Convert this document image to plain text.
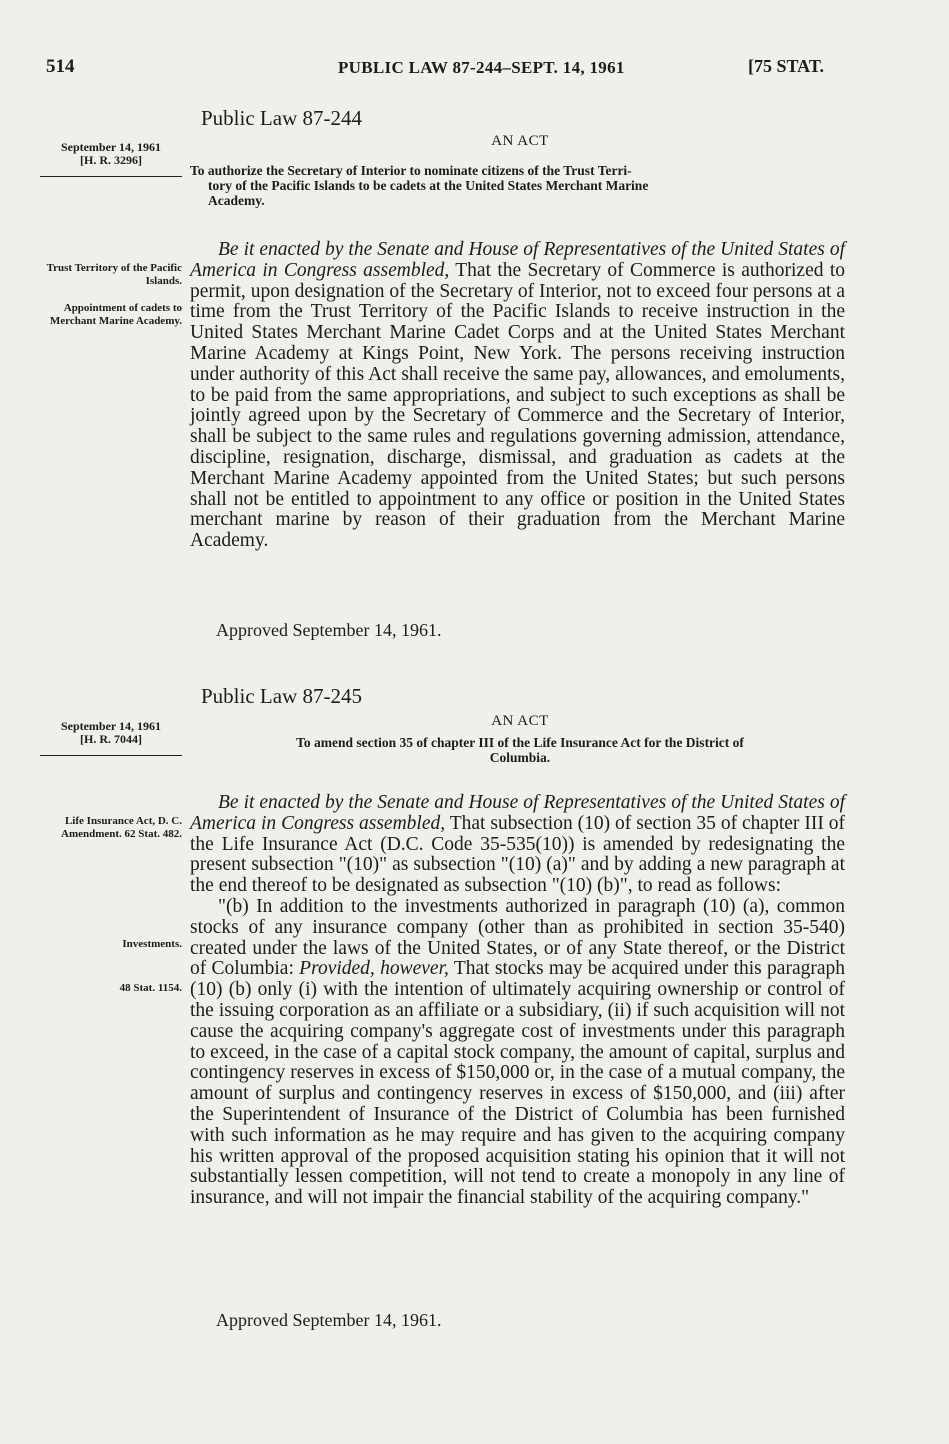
514	PUBLIC LAW 87-244–SEPT. 14, 1961	[75 STAT.
Public Law 87-244
AN ACT
September 14, 1961
[H. R. 3296]
To authorize the Secretary of Interior to nominate citizens of the Trust Terri-
tory of the Pacific Islands to be cadets at the United States Merchant Marine
Academy.
Trust Territory of the Pacific Islands.
Appointment of cadets to Merchant Marine Academy.

Be it enacted by the Senate and House of Representatives of the United States of America in Congress assembled, That the Secretary of Commerce is authorized to permit, upon designation of the Secretary of Interior, not to exceed four persons at a time from the Trust Territory of the Pacific Islands to receive instruction in the United States Merchant Marine Cadet Corps and at the United States Merchant Marine Academy at Kings Point, New York. The persons receiving instruction under authority of this Act shall receive the same pay, allowances, and emoluments, to be paid from the same appropriations, and subject to such exceptions as shall be jointly agreed upon by the Secretary of Commerce and the Secretary of Interior, shall be subject to the same rules and regulations governing admission, attendance, discipline, resignation, discharge, dismissal, and graduation as cadets at the Merchant Marine Academy appointed from the United States; but such persons shall not be entitled to appointment to any office or position in the United States merchant marine by reason of their graduation from the Merchant Marine Academy.

Approved September 14, 1961.
Public Law 87-245
AN ACT
September 14, 1961
[H. R. 7044]	To amend section 35 of chapter III of the Life Insurance Act for the District of
Columbia.
Life Insurance Act, D. C. Amendment. 62 Stat. 482.
Investments.
48 Stat. 1154.

Be it enacted by the Senate and House of Representatives of the United States of America in Congress assembled, That subsection (10) of section 35 of chapter III of the Life Insurance Act (D.C. Code 35-535(10)) is amended by redesignating the present subsection "(10)" as subsection "(10) (a)" and by adding a new paragraph at the end thereof to be designated as subsection "(10) (b)", to read as follows:

"(b) In addition to the investments authorized in paragraph (10) (a), common stocks of any insurance company (other than as prohibited in section 35-540) created under the laws of the United States, or of any State thereof, or the District of Columbia: Provided, however, That stocks may be acquired under this paragraph (10) (b) only (i) with the intention of ultimately acquiring ownership or control of the issuing corporation as an affiliate or a subsidiary, (ii) if such acquisition will not cause the acquiring company's aggregate cost of investments under this paragraph to exceed, in the case of a capital stock company, the amount of capital, surplus and contingency reserves in excess of $150,000 or, in the case of a mutual company, the amount of surplus and contingency reserves in excess of $150,000, and (iii) after the Superintendent of Insurance of the District of Columbia has been furnished with such information as he may require and has given to the acquiring company his written approval of the proposed acquisition stating his opinion that it will not substantially lessen competition, will not tend to create a monopoly in any line of insurance, and will not impair the financial stability of the acquiring company."

Approved September 14, 1961.
